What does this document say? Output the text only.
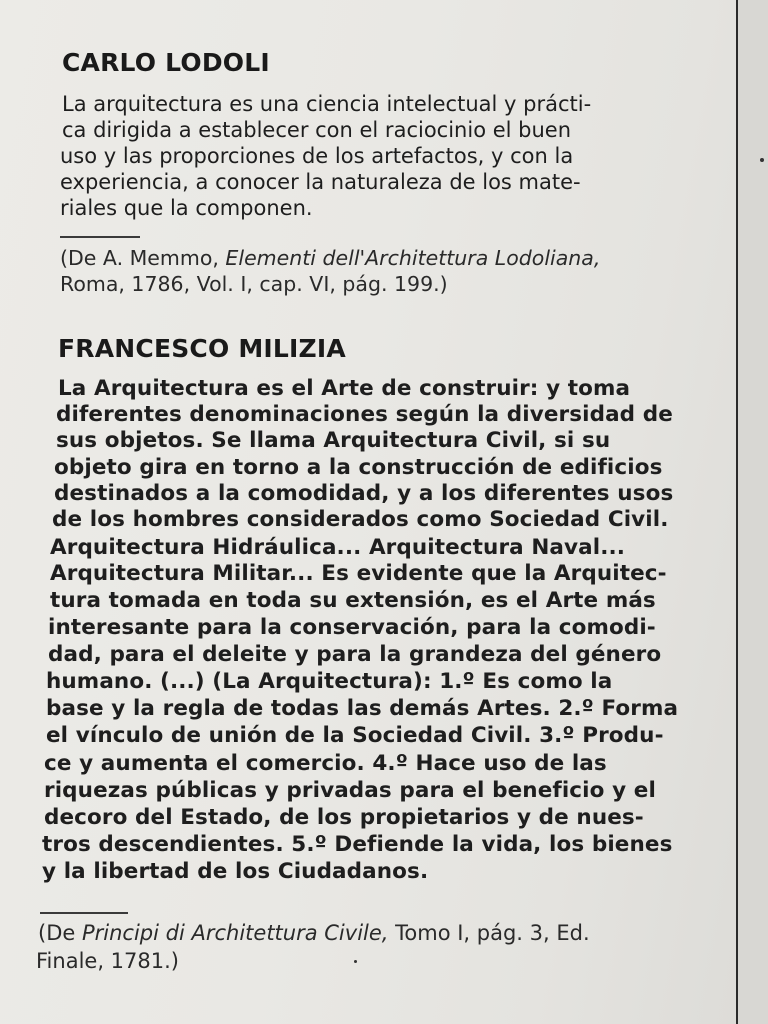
CARLO LODOLI
La arquitectura es una ciencia intelectual y prácti-
ca dirigida a establecer con el raciocinio el buen
uso y las proporciones de los artefactos, y con la
experiencia, a conocer la naturaleza de los mate-
riales que la componen.
(De A. Memmo, Elementi dell'Architettura Lodoliana,
Roma, 1786, Vol. I, cap. VI, pág. 199.)
FRANCESCO MILIZIA
La Arquitectura es el Arte de construir: y toma
diferentes denominaciones según la diversidad de
sus objetos. Se llama Arquitectura Civil, si su
objeto gira en torno a la construcción de edificios
destinados a la comodidad, y a los diferentes usos
de los hombres considerados como Sociedad Civil.
Arquitectura Hidráulica... Arquitectura Naval...
Arquitectura Militar... Es evidente que la Arquitec-
tura tomada en toda su extensión, es el Arte más
interesante para la conservación, para la comodi-
dad, para el deleite y para la grandeza del género
humano. (...) (La Arquitectura): 1.º Es como la
base y la regla de todas las demás Artes. 2.º Forma
el vínculo de unión de la Sociedad Civil. 3.º Produ-
ce y aumenta el comercio. 4.º Hace uso de las
riquezas públicas y privadas para el beneficio y el
decoro del Estado, de los propietarios y de nues-
tros descendientes. 5.º Defiende la vida, los bienes
y la libertad de los Ciudadanos.
(De Principi di Architettura Civile, Tomo I, pág. 3, Ed.
Finale, 1781.)
